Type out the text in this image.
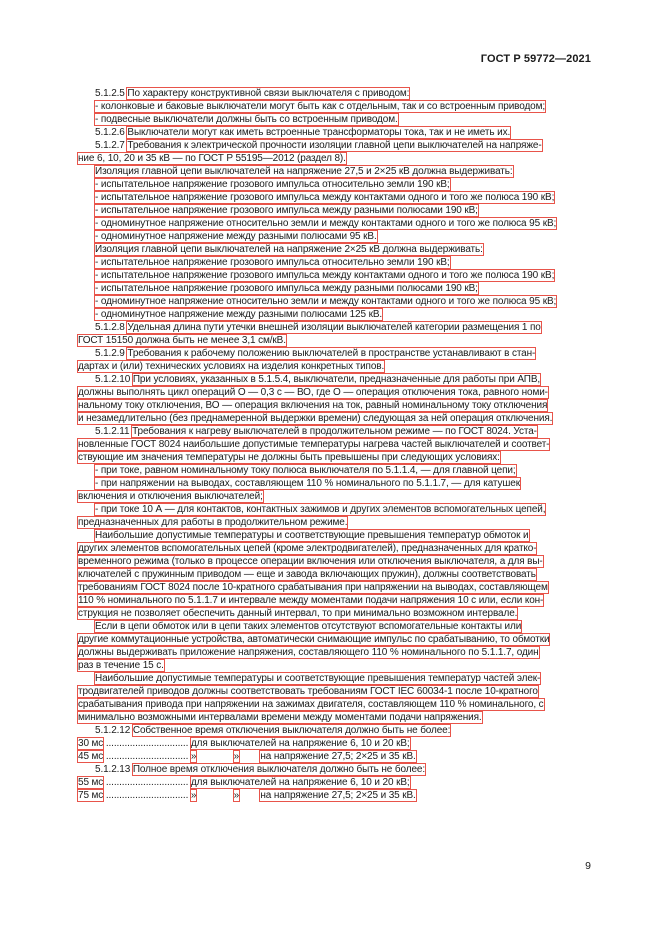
ГОСТ Р 59772—2021
5.1.2.5 По характеру конструктивной связи выключателя с приводом:
- колонковые и баковые выключатели могут быть как с отдельным, так и со встроенным приводом;
- подвесные выключатели должны быть со встроенным приводом.
5.1.2.6 Выключатели могут как иметь встроенные трансформаторы тока, так и не иметь их.
5.1.2.7 Требования к электрической прочности изоляции главной цепи выключателей на напряже-
ние 6, 10, 20 и 35 кВ — по ГОСТ Р 55195—2012 (раздел 8).
Изоляция главной цепи выключателей на напряжение 27,5 и 2×25 кВ должна выдерживать:
- испытательное напряжение грозового импульса относительно земли 190 кВ;
- испытательное напряжение грозового импульса между контактами одного и того же полюса 190 кВ;
- испытательное напряжение грозового импульса между разными полюсами 190 кВ;
- одноминутное напряжение относительно земли и между контактами одного и того же полюса 95 кВ;
- одноминутное напряжение между разными полюсами 95 кВ.
Изоляция главной цепи выключателей на напряжение 2×25 кВ должна выдерживать:
- испытательное напряжение грозового импульса относительно земли 190 кВ;
- испытательное напряжение грозового импульса между контактами одного и того же полюса 190 кВ;
- испытательное напряжение грозового импульса между разными полюсами 190 кВ;
- одноминутное напряжение относительно земли и между контактами одного и того же полюса 95 кВ;
- одноминутное напряжение между разными полюсами 125 кВ.
5.1.2.8 Удельная длина пути утечки внешней изоляции выключателей категории размещения 1 по
ГОСТ 15150 должна быть не менее 3,1 см/кВ.
5.1.2.9 Требования к рабочему положению выключателей в пространстве устанавливают в стан-
дартах и (или) технических условиях на изделия конкретных типов.
5.1.2.10 При условиях, указанных в 5.1.5.4, выключатели, предназначенные для работы при АПВ,
должны выполнять цикл операций О — 0,3 с — ВО, где О — операция отключения тока, равного номи-
нальному току отключения, ВО — операция включения на ток, равный номинальному току отключения
и незамедлительно (без преднамеренной выдержки времени) следующая за ней операция отключения.
5.1.2.11 Требования к нагреву выключателей в продолжительном режиме — по ГОСТ 8024. Уста-
новленные ГОСТ 8024 наибольшие допустимые температуры нагрева частей выключателей и соответ-
ствующие им значения температуры не должны быть превышены при следующих условиях:
- при токе, равном номинальному току полюса выключателя по 5.1.1.4, — для главной цепи;
- при напряжении на выводах, составляющем 110 % номинального по 5.1.1.7, — для катушек
включения и отключения выключателей;
- при токе 10 А — для контактов, контактных зажимов и других элементов вспомогательных цепей,
предназначенных для работы в продолжительном режиме.
Наибольшие допустимые температуры и соответствующие превышения температур обмоток и
других элементов вспомогательных цепей (кроме электродвигателей), предназначенных для кратко-
временного режима (только в процессе операции включения или отключения выключателя, а для вы-
ключателей с пружинным приводом — еще и завода включающих пружин), должны соответствовать
требованиям ГОСТ 8024 после 10-кратного срабатывания при напряжении на выводах, составляющем
110 % номинального по 5.1.1.7 и интервале между моментами подачи напряжения 10 с или, если кон-
струкция не позволяет обеспечить данный интервал, то при минимально возможном интервале.
Если в цепи обмоток или в цепи таких элементов отсутствуют вспомогательные контакты или
другие коммутационные устройства, автоматически снимающие импульс по срабатыванию, то обмотки
должны выдерживать приложение напряжения, составляющего 110 % номинального по 5.1.1.7, один
раз в течение 15 с.
Наибольшие допустимые температуры и соответствующие превышения температур частей элек-
тродвигателей приводов должны соответствовать требованиям ГОСТ IEC 60034-1 после 10-кратного
срабатывания привода при напряжении на зажимах двигателя, составляющем 110 % номинального, с
минимально возможными интервалами времени между моментами подачи напряжения.
5.1.2.12 Собственное время отключения выключателя должно быть не более:
30 мс ............................... для выключателей на напряжение 6, 10 и 20 кВ;
45 мс ............................... »	» на напряжение 27,5; 2×25 и 35 кВ.
5.1.2.13 Полное время отключения выключателя должно быть не более:
55 мс ............................... для выключателей на напряжение 6, 10 и 20 кВ;
75 мс ............................... »	» на напряжение 27,5; 2×25 и 35 кВ.
9
